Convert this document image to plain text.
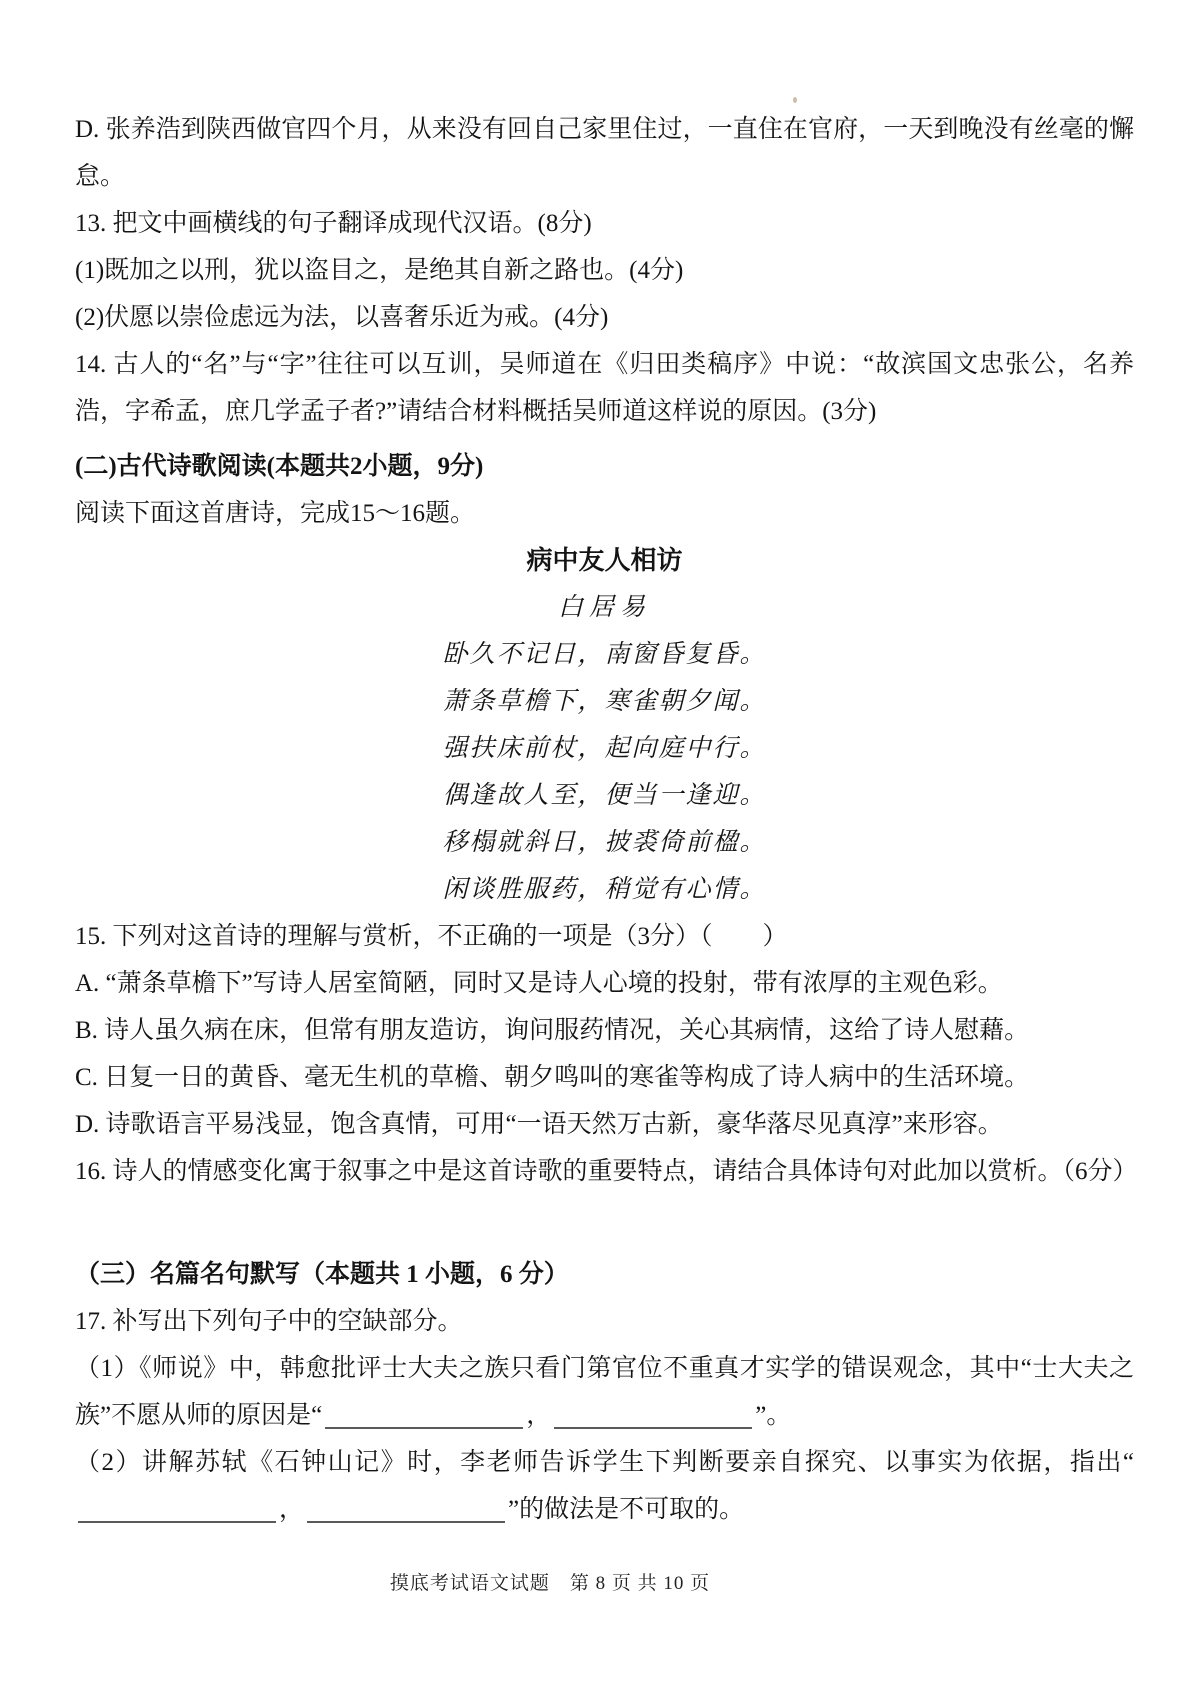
D. 张养浩到陕西做官四个月，从来没有回自己家里住过，一直住在官府，一天到晚没有丝毫的懈怠。

13. 把文中画横线的句子翻译成现代汉语。(8分)

(1)既加之以刑，犹以盗目之，是绝其自新之路也。(4分)

(2)伏愿以崇俭虑远为法，以喜奢乐近为戒。(4分)

14. 古人的“名”与“字”往往可以互训，吴师道在《归田类稿序》中说：“故滨国文忠张公，名养浩，字希孟，庶几学孟子者?”请结合材料概括吴师道这样说的原因。(3分)

(二)古代诗歌阅读(本题共2小题，9分)

阅读下面这首唐诗，完成15～16题。

病中友人相访

白居易

卧久不记日，南窗昏复昏。

萧条草檐下，寒雀朝夕闻。

强扶床前杖，起向庭中行。

偶逢故人至，便当一逢迎。

移榻就斜日，披裘倚前楹。

闲谈胜服药，稍觉有心情。

15. 下列对这首诗的理解与赏析，不正确的一项是（3分）（　　）

A. “萧条草檐下”写诗人居室简陋，同时又是诗人心境的投射，带有浓厚的主观色彩。

B. 诗人虽久病在床，但常有朋友造访，询问服药情况，关心其病情，这给了诗人慰藉。

C. 日复一日的黄昏、毫无生机的草檐、朝夕鸣叫的寒雀等构成了诗人病中的生活环境。

D. 诗歌语言平易浅显，饱含真情，可用“一语天然万古新，豪华落尽见真淳”来形容。

16. 诗人的情感变化寓于叙事之中是这首诗歌的重要特点，请结合具体诗句对此加以赏析。（6分）

（三）名篇名句默写（本题共 1 小题，6 分）

17. 补写出下列句子中的空缺部分。

（1）《师说》中，韩愈批评士大夫之族只看门第官位不重真才实学的错误观念，其中“士大夫之族”不愿从师的原因是“	，	”。

（2）讲解苏轼《石钟山记》时，李老师告诉学生下判断要亲自探究、以事实为依据，指出“，	”的做法是不可取的。

摸底考试语文试题　第 8 页 共 10 页
